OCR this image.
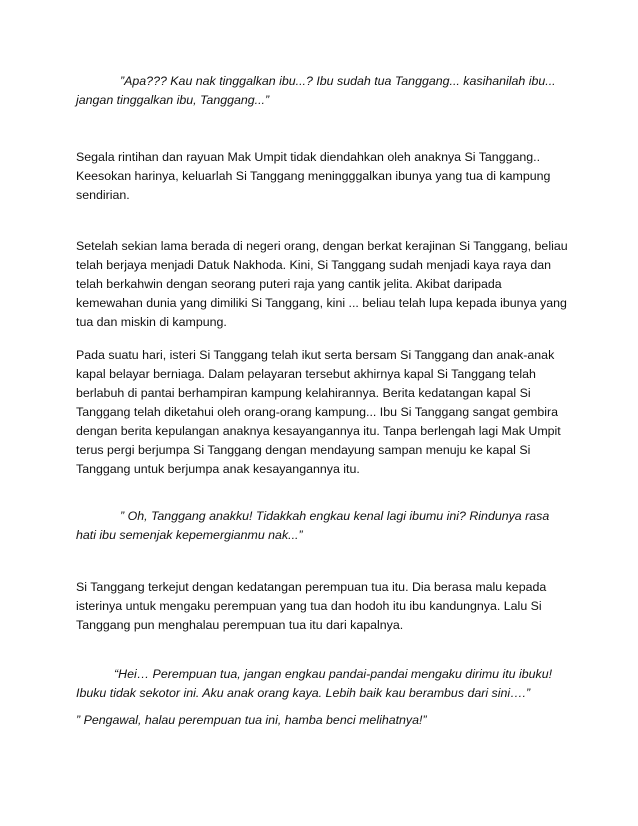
”Apa??? Kau nak tinggalkan ibu...? Ibu sudah tua Tanggang... kasihanilah ibu... jangan tinggalkan ibu, Tanggang...”

Segala rintihan dan rayuan Mak Umpit tidak diendahkan oleh anaknya Si Tanggang.. Keesokan harinya, keluarlah Si Tanggang meningggalkan ibunya yang tua di kampung sendirian.

Setelah sekian lama berada di negeri orang, dengan berkat kerajinan Si Tanggang, beliau telah berjaya menjadi Datuk Nakhoda. Kini, Si Tanggang sudah menjadi kaya raya dan telah berkahwin dengan seorang puteri raja yang cantik jelita. Akibat daripada kemewahan dunia yang dimiliki Si Tanggang, kini ... beliau telah lupa kepada ibunya yang tua dan miskin di kampung.

Pada suatu hari, isteri Si Tanggang telah ikut serta bersam Si Tanggang dan anak-anak kapal belayar berniaga. Dalam pelayaran tersebut akhirnya kapal Si Tanggang telah berlabuh di pantai berhampiran kampung kelahirannya. Berita kedatangan kapal Si Tanggang telah diketahui oleh orang-orang kampung... Ibu Si Tanggang sangat gembira dengan berita kepulangan anaknya kesayangannya itu. Tanpa berlengah lagi Mak Umpit terus pergi berjumpa Si Tanggang dengan mendayung sampan menuju ke kapal Si Tanggang untuk berjumpa anak kesayangannya itu.

” Oh, Tanggang anakku! Tidakkah engkau kenal lagi ibumu ini? Rindunya rasa hati ibu semenjak kepemergianmu nak...”

Si Tanggang terkejut dengan kedatangan perempuan tua itu. Dia berasa malu kepada isterinya untuk mengaku perempuan yang tua dan hodoh itu ibu kandungnya. Lalu Si Tanggang pun menghalau perempuan tua itu dari kapalnya.

“Hei… Perempuan tua, jangan engkau pandai-pandai mengaku dirimu itu ibuku! Ibuku tidak sekotor ini. Aku anak orang kaya. Lebih baik kau berambus dari sini….”

” Pengawal, halau perempuan tua ini, hamba benci melihatnya!”
